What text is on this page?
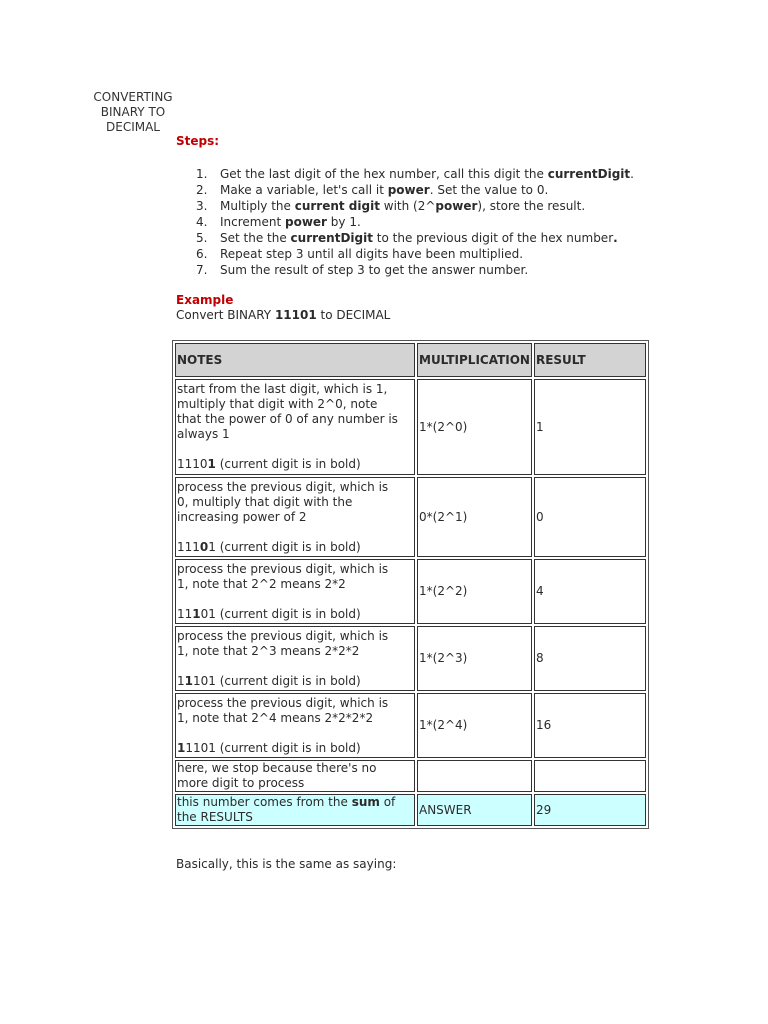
CONVERTING BINARY TO DECIMAL
Steps:
1. Get the last digit of the hex number, call this digit the currentDigit.
2. Make a variable, let's call it power. Set the value to 0.
3. Multiply the current digit with (2^power), store the result.
4. Increment power by 1.
5. Set the the currentDigit to the previous digit of the hex number.
6. Repeat step 3 until all digits have been multiplied.
7. Sum the result of step 3 to get the answer number.
Example
Convert BINARY 11101 to DECIMAL
NOTES	MULTIPLICATION	RESULT

start from the last digit, which is 1,
multiply that digit with 2^0, note
that the power of 0 of any number is
always 1
11101 (current digit is in bold)	1*(2^0)	1

process the previous digit, which is
0, multiply that digit with the
increasing power of 2
11101 (current digit is in bold)	0*(2^1)	0

process the previous digit, which is
1, note that 2^2 means 2*2
11101 (current digit is in bold)	1*(2^2)	4

process the previous digit, which is
1, note that 2^3 means 2*2*2
11101 (current digit is in bold)	1*(2^3)	8

process the previous digit, which is
1, note that 2^4 means 2*2*2*2
11101 (current digit is in bold)	1*(2^4)	16

here, we stop because there's no
more digit to process		

this number comes from the sum of the RESULTS	ANSWER	29
Basically, this is the same as saying:
